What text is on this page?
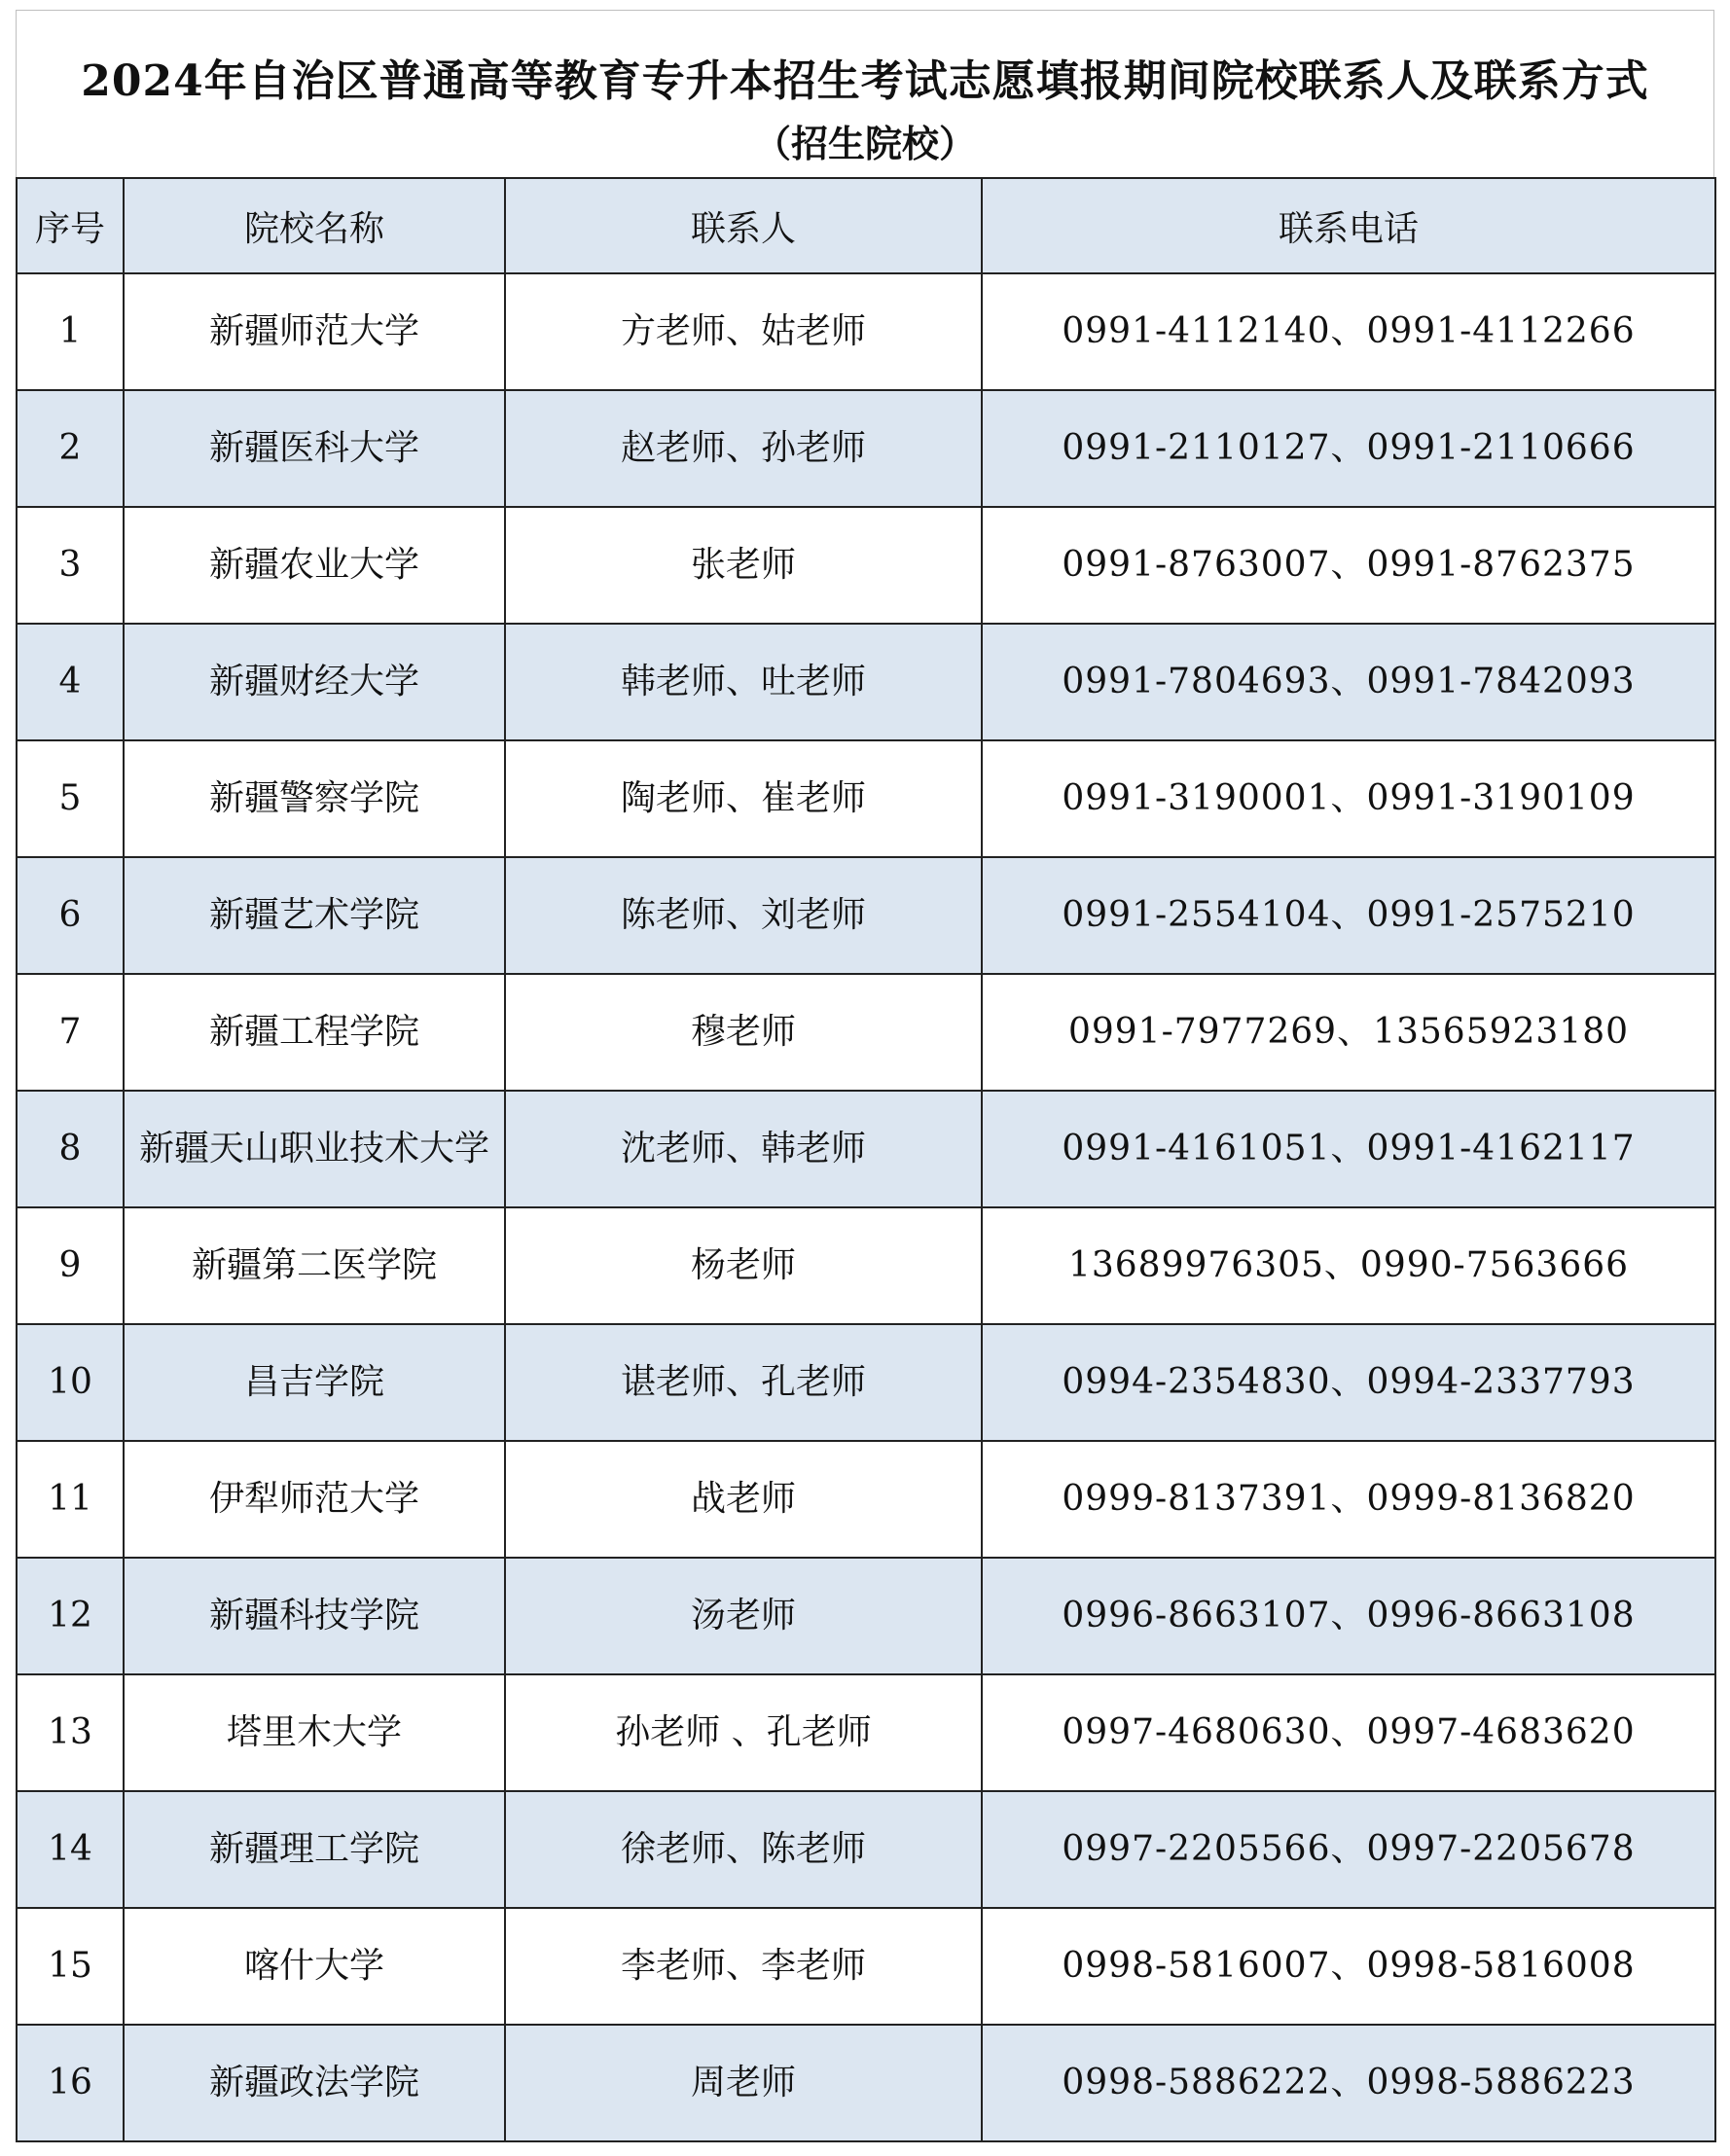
2024年自治区普通高等教育专升本招生考试志愿填报期间院校联系人及联系方式
（招生院校）
序号	院校名称	联系人	联系电话
1	新疆师范大学	方老师、姑老师	0991-4112140、0991-4112266
2	新疆医科大学	赵老师、孙老师	0991-2110127、0991-2110666
3	新疆农业大学	张老师	0991-8763007、0991-8762375
4	新疆财经大学	韩老师、吐老师	0991-7804693、0991-7842093
5	新疆警察学院	陶老师、崔老师	0991-3190001、0991-3190109
6	新疆艺术学院	陈老师、刘老师	0991-2554104、0991-2575210
7	新疆工程学院	穆老师	0991-7977269、13565923180
8	新疆天山职业技术大学	沈老师、韩老师	0991-4161051、0991-4162117
9	新疆第二医学院	杨老师	13689976305、0990-7563666
10	昌吉学院	谌老师、孔老师	0994-2354830、0994-2337793
11	伊犁师范大学	战老师	0999-8137391、0999-8136820
12	新疆科技学院	汤老师	0996-8663107、0996-8663108
13	塔里木大学	孙老师 、孔老师	0997-4680630、0997-4683620
14	新疆理工学院	徐老师、陈老师	0997-2205566、0997-2205678
15	喀什大学	李老师、李老师	0998-5816007、0998-5816008
16	新疆政法学院	周老师	0998-5886222、0998-5886223
